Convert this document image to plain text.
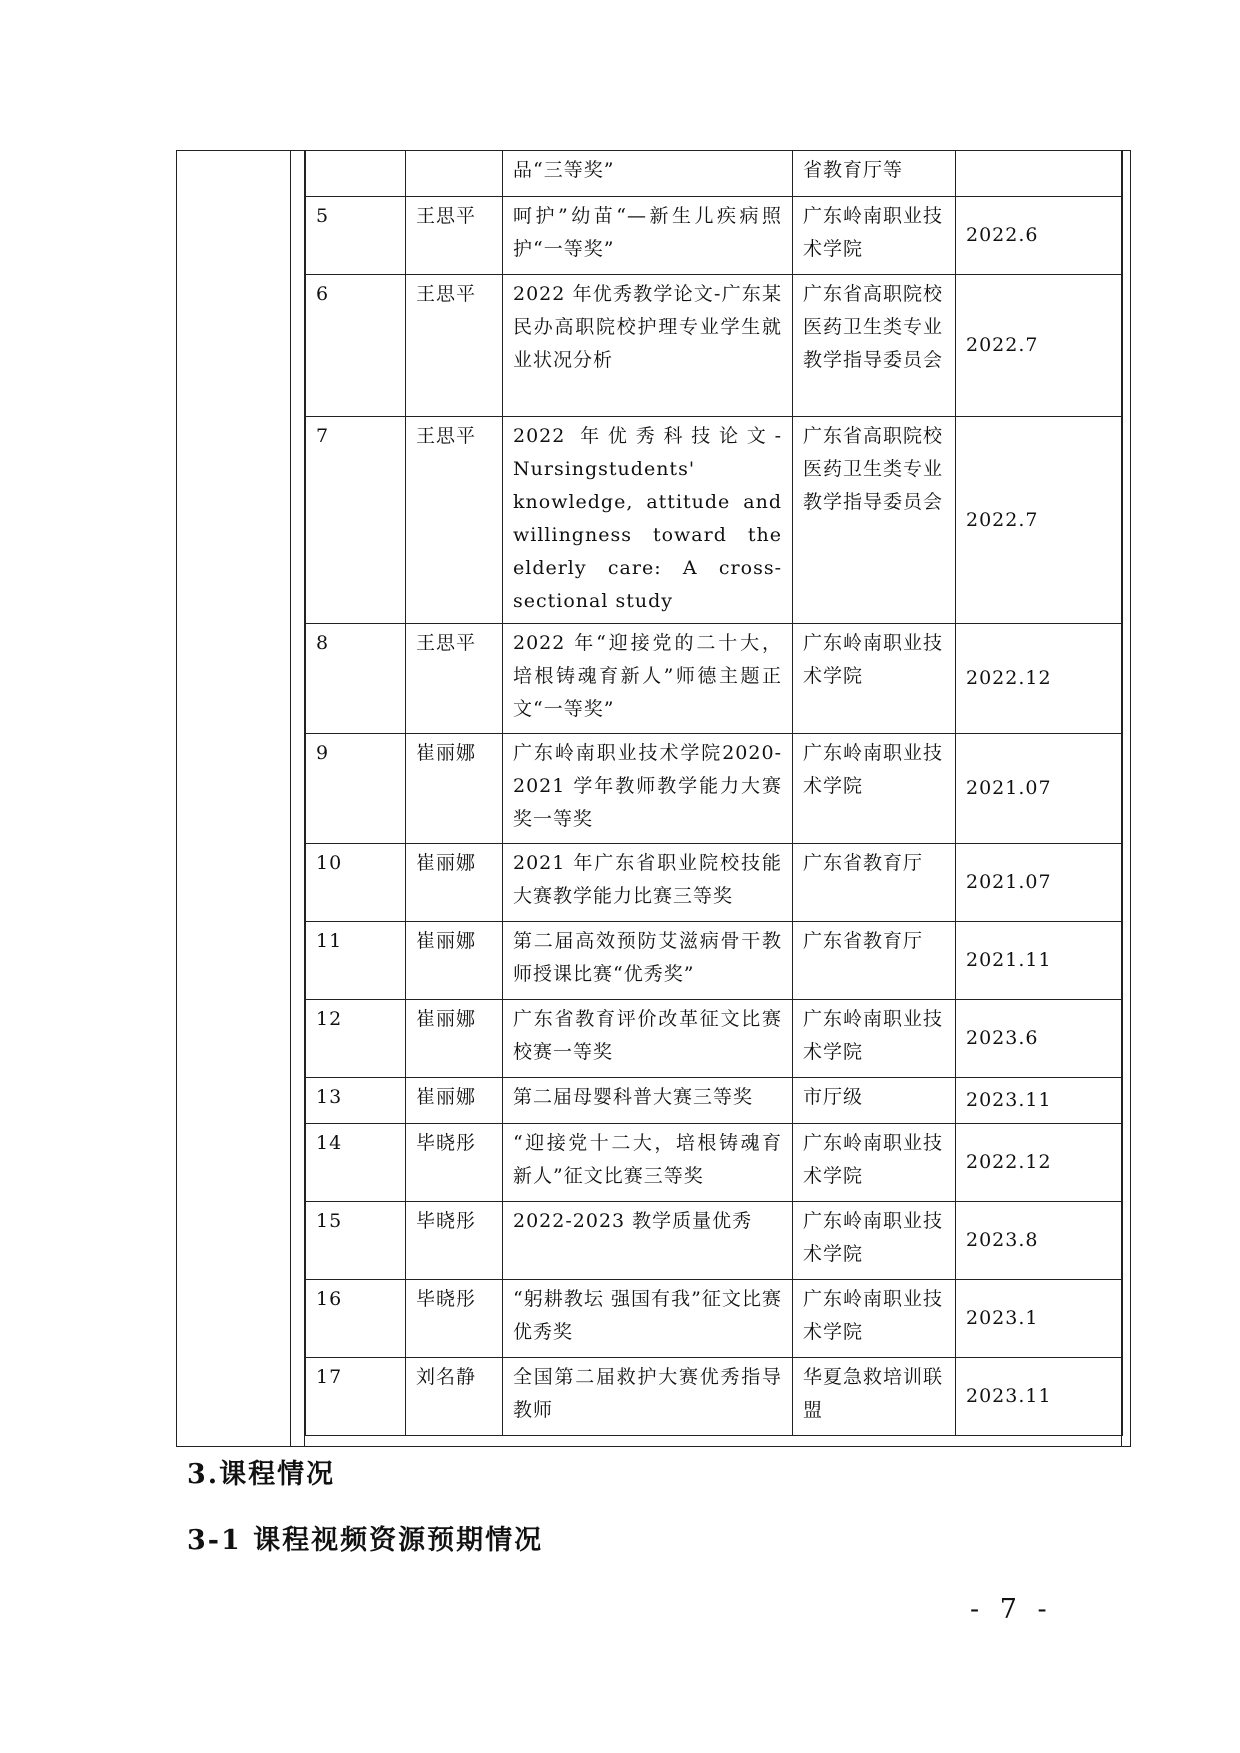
		品“三等奖”	省教育厅等	
5	王思平	呵护”幼苗“—新生儿疾病照护“一等奖”	广东岭南职业技术学院	2022.6
6	王思平	2022 年优秀教学论文-广东某民办高职院校护理专业学生就业状况分析	广东省高职院校医药卫生类专业教学指导委员会	2022.7
7	王思平	2022 年优秀科技论文-Nursingstudents' knowledge, attitude and willingness toward the elderly care: A cross-sectional study	广东省高职院校医药卫生类专业教学指导委员会	2022.7
8	王思平	2022 年“迎接党的二十大，培根铸魂育新人”师德主题正文“一等奖”	广东岭南职业技术学院	2022.12
9	崔丽娜	广东岭南职业技术学院2020-2021 学年教师教学能力大赛奖一等奖	广东岭南职业技术学院	2021.07
10	崔丽娜	2021 年广东省职业院校技能大赛教学能力比赛三等奖	广东省教育厅	2021.07
11	崔丽娜	第二届高效预防艾滋病骨干教师授课比赛“优秀奖”	广东省教育厅	2021.11
12	崔丽娜	广东省教育评价改革征文比赛校赛一等奖	广东岭南职业技术学院	2023.6
13	崔丽娜	第二届母婴科普大赛三等奖	市厅级	2023.11
14	毕晓彤	“迎接党十二大，培根铸魂育新人”征文比赛三等奖	广东岭南职业技术学院	2022.12
15	毕晓彤	2022-2023 教学质量优秀	广东岭南职业技术学院	2023.8
16	毕晓彤	“躬耕教坛 强国有我”征文比赛优秀奖	广东岭南职业技术学院	2023.1
17	刘名静	全国第二届救护大赛优秀指导教师	华夏急救培训联盟	2023.11
3.课程情况
3-1 课程视频资源预期情况
- 7 -
